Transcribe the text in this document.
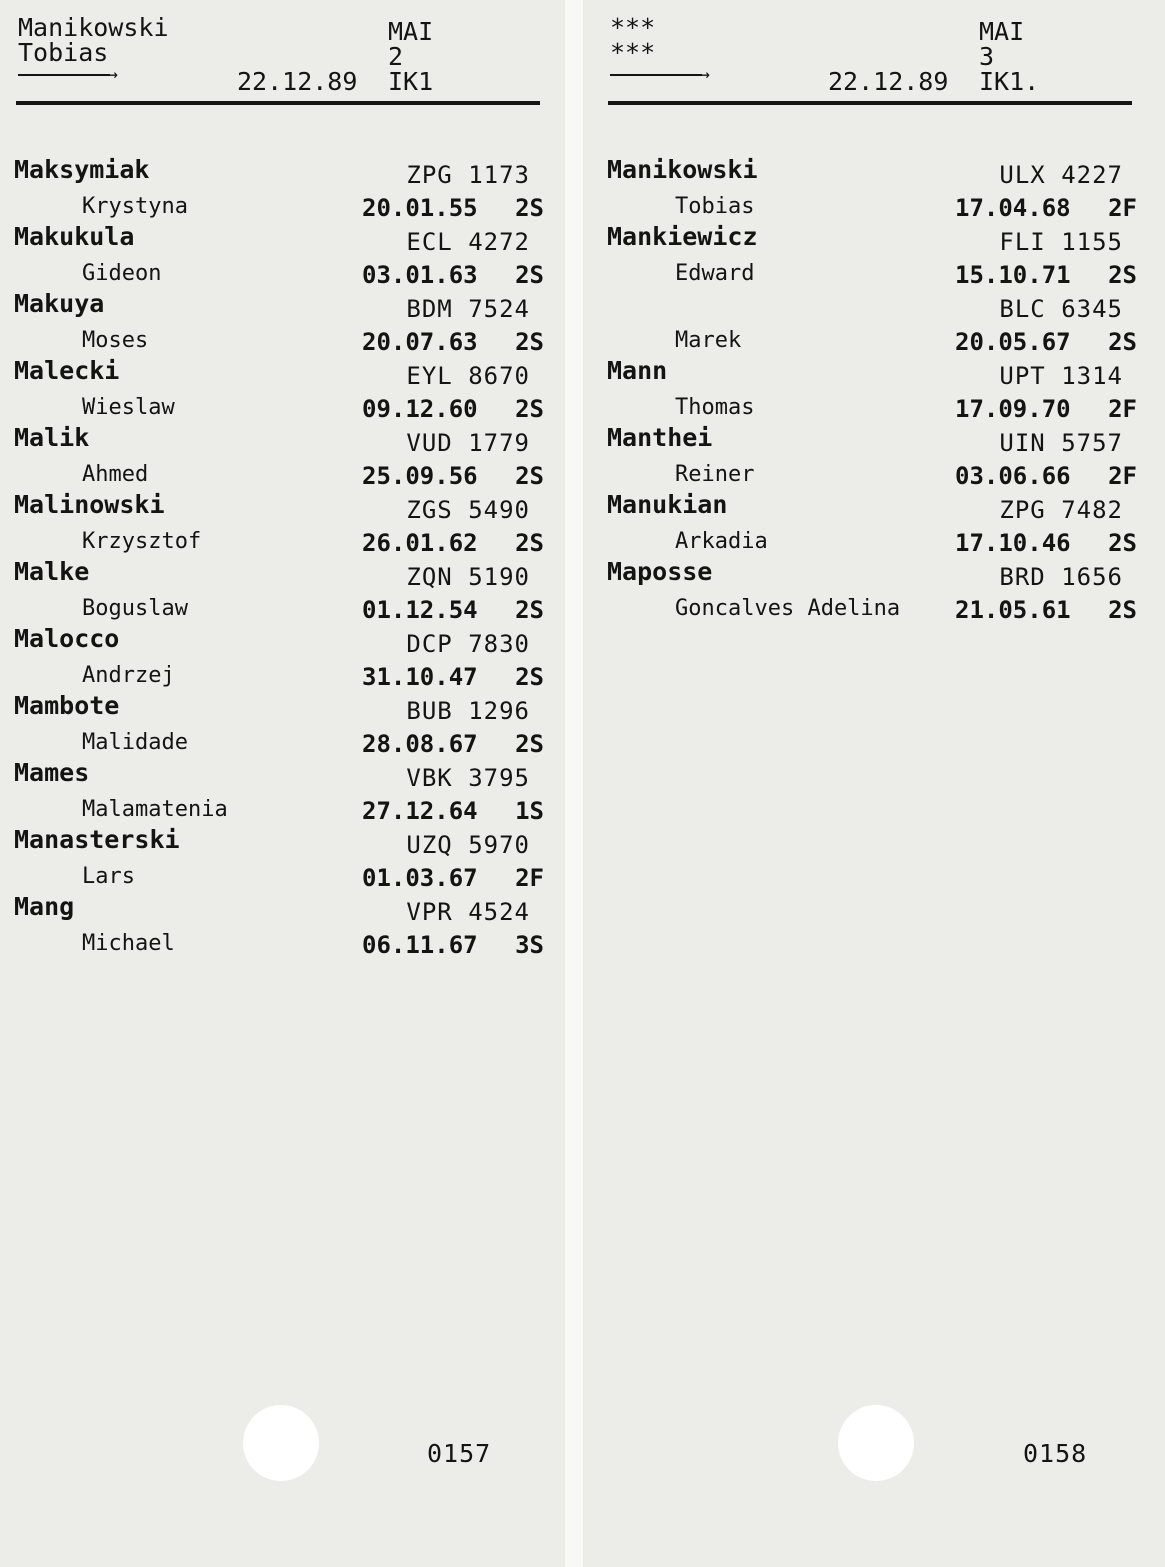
Manikowski
Tobias
→
MAI
2
22.12.89 IK1
Maksymiak	ZPG 1173
Krystyna	20.01.55 2S
Makukula	ECL 4272
Gideon	03.01.63 2S
Makuya	BDM 7524
Moses	20.07.63 2S
Malecki	EYL 8670
Wieslaw	09.12.60 2S
Malik	VUD 1779
Ahmed	25.09.56 2S
Malinowski	ZGS 5490
Krzysztof	26.01.62 2S
Malke	ZQN 5190
Boguslaw	01.12.54 2S
Malocco	DCP 7830
Andrzej	31.10.47 2S
Mambote	BUB 1296
Malidade	28.08.67 2S
Mames	VBK 3795
Malamatenia	27.12.64 1S
Manasterski	UZQ 5970
Lars	01.03.67 2F
Mang	VPR 4524
Michael	06.11.67 3S
0157
***
***
→
MAI
3
22.12.89 IK1.
Manikowski	ULX 4227
Tobias	17.04.68 2F
Mankiewicz	FLI 1155
Edward	15.10.71 2S
BLC 6345
Marek	20.05.67 2S
Mann	UPT 1314
Thomas	17.09.70 2F
Manthei	UIN 5757
Reiner	03.06.66 2F
Manukian	ZPG 7482
Arkadia	17.10.46 2S
Maposse	BRD 1656
Goncalves Adelina 21.05.61 2S
0158
